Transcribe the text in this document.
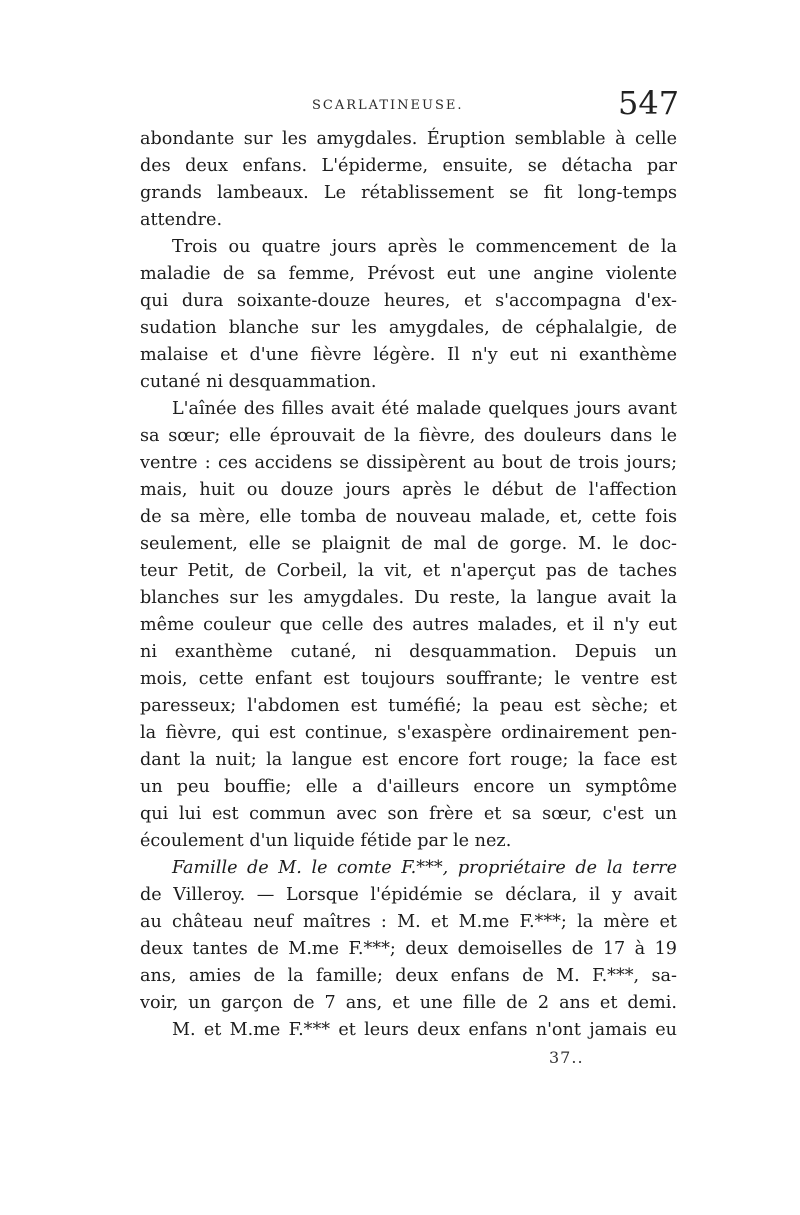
SCARLATINEUSE.	547
abondante sur les amygdales. Éruption semblable à celle
des deux enfans. L'épiderme, ensuite, se détacha par
grands lambeaux. Le rétablissement se fit long-temps
attendre.
Trois ou quatre jours après le commencement de la
maladie de sa femme, Prévost eut une angine violente
qui dura soixante-douze heures, et s'accompagna d'ex-
sudation blanche sur les amygdales, de céphalalgie, de
malaise et d'une fièvre légère. Il n'y eut ni exanthème
cutané ni desquammation.
L'aînée des filles avait été malade quelques jours avant
sa sœur; elle éprouvait de la fièvre, des douleurs dans le
ventre : ces accidens se dissipèrent au bout de trois jours;
mais, huit ou douze jours après le début de l'affection
de sa mère, elle tomba de nouveau malade, et, cette fois
seulement, elle se plaignit de mal de gorge. M. le doc-
teur Petit, de Corbeil, la vit, et n'aperçut pas de taches
blanches sur les amygdales. Du reste, la langue avait la
même couleur que celle des autres malades, et il n'y eut
ni exanthème cutané, ni desquammation. Depuis un
mois, cette enfant est toujours souffrante; le ventre est
paresseux; l'abdomen est tuméfié; la peau est sèche; et
la fièvre, qui est continue, s'exaspère ordinairement pen-
dant la nuit; la langue est encore fort rouge; la face est
un peu bouffie; elle a d'ailleurs encore un symptôme
qui lui est commun avec son frère et sa sœur, c'est un
écoulement d'un liquide fétide par le nez.
Famille de M. le comte F.***, propriétaire de la terre
de Villeroy. — Lorsque l'épidémie se déclara, il y avait
au château neuf maîtres : M. et M.me F.***; la mère et
deux tantes de M.me F.***; deux demoiselles de 17 à 19
ans, amies de la famille; deux enfans de M. F.***, sa-
voir, un garçon de 7 ans, et une fille de 2 ans et demi.
M. et M.me F.*** et leurs deux enfans n'ont jamais eu
37..
